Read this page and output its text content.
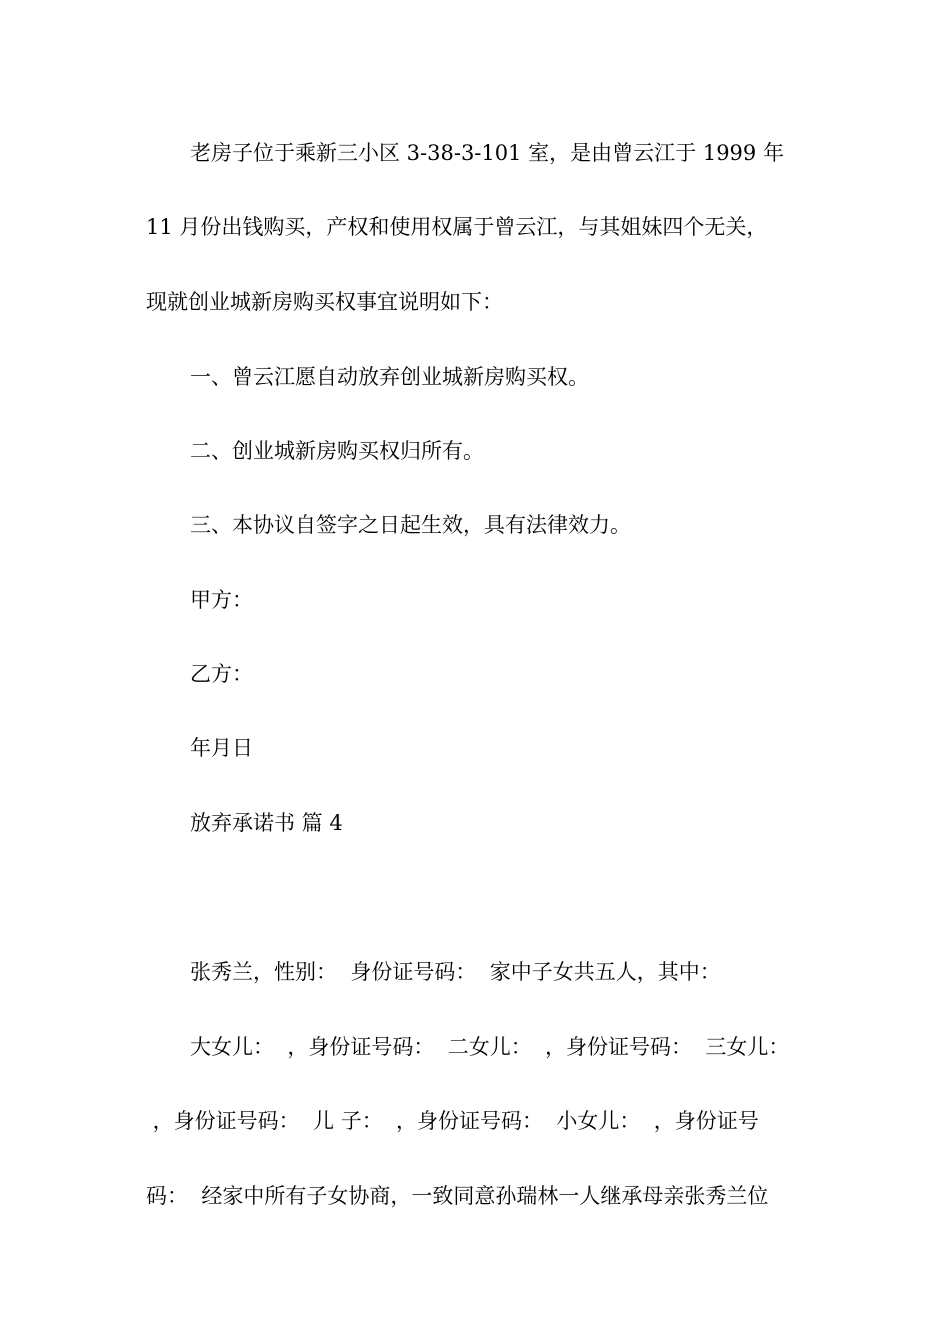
老房子位于乘新三小区 3-38-3-101 室，是由曾云江于 1999 年
11 月份出钱购买，产权和使用权属于曾云江，与其姐妹四个无关，
现就创业城新房购买权事宜说明如下：
一、曾云江愿自动放弃创业城新房购买权。
二、创业城新房购买权归所有。
三、本协议自签字之日起生效，具有法律效力。
甲方：
乙方：
年月日
放弃承诺书 篇 4
张秀兰，性别：  身份证号码：  家中子女共五人，其中：
大女儿：  ，身份证号码：  二女儿：  ，身份证号码：  三女儿：
，身份证号码：  儿 子：  ，身份证号码：  小女儿：  ，身份证号
码：  经家中所有子女协商，一致同意孙瑞林一人继承母亲张秀兰位
